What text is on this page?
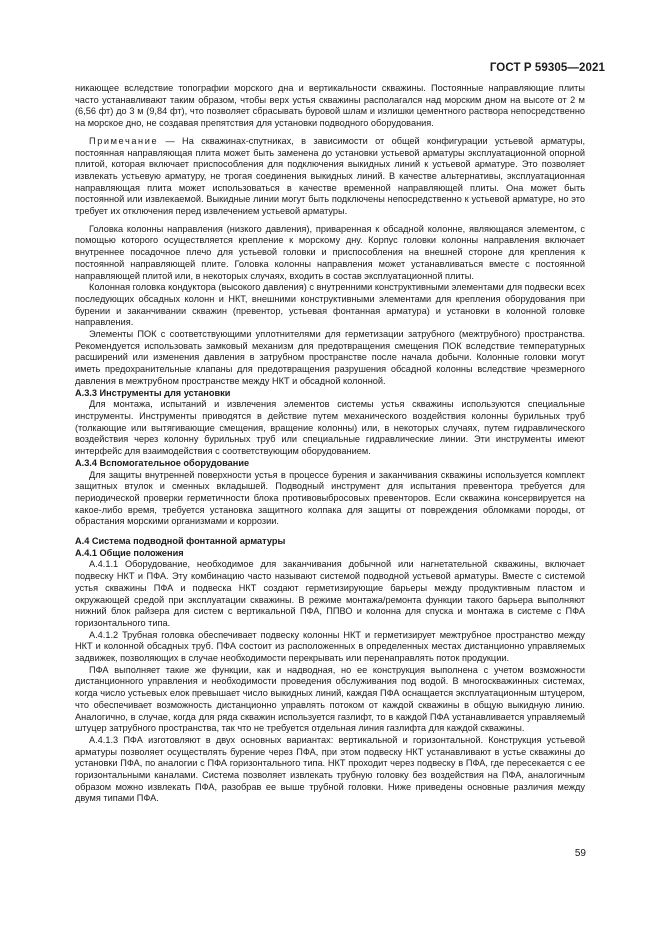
ГОСТ Р 59305—2021

никающее вследствие топографии морского дна и вертикальности скважины. Постоянные направляющие плиты часто устанавливают таким образом, чтобы верх устья скважины располагался над морским дном на высоте от 2 м (6,56 фт) до 3 м (9,84 фт), что позволяет сбрасывать буровой шлам и излишки цементного раствора непосредственно на морское дно, не создавая препятствия для установки подводного оборудования.

Примечание — На скважинах-спутниках, в зависимости от общей конфигурации устьевой арматуры, постоянная направляющая плита может быть заменена до установки устьевой арматуры эксплуатационной опорной плитой, которая включает приспособления для подключения выкидных линий к устьевой арматуре. Это позволяет извлекать устьевую арматуру, не трогая соединения выкидных линий. В качестве альтернативы, эксплуатационная направляющая плита может использоваться в качестве временной направляющей плиты. Она может быть постоянной или извлекаемой. Выкидные линии могут быть подключены непосредственно к устьевой арматуре, но это требует их отключения перед извлечением устьевой арматуры.

Головка колонны направления (низкого давления), приваренная к обсадной колонне, являющаяся элементом, с помощью которого осуществляется крепление к морскому дну. Корпус головки колонны направления включает внутреннее посадочное плечо для устьевой головки и приспособления на внешней стороне для крепления к постоянной направляющей плите. Головка колонны направления может устанавливаться вместе с постоянной направляющей плитой или, в некоторых случаях, входить в состав эксплуатационной плиты.

Колонная головка кондуктора (высокого давления) с внутренними конструктивными элементами для подвески всех последующих обсадных колонн и НКТ, внешними конструктивными элементами для крепления оборудования при бурении и заканчивании скважин (превентор, устьевая фонтанная арматура) и установки в колонной головке направления.

Элементы ПОК с соответствующими уплотнителями для герметизации затрубного (межтрубного) пространства. Рекомендуется использовать замковый механизм для предотвращения смещения ПОК вследствие температурных расширений или изменения давления в затрубном пространстве после начала добычи. Колонные головки могут иметь предохранительные клапаны для предотвращения разрушения обсадной колонны вследствие чрезмерного давления в межтрубном пространстве между НКТ и обсадной колонной.

А.3.3 Инструменты для установки

Для монтажа, испытаний и извлечения элементов системы устья скважины используются специальные инструменты. Инструменты приводятся в действие путем механического воздействия колонны бурильных труб (толкающие или вытягивающие смещения, вращение колонны) или, в некоторых случаях, путем гидравлического воздействия через колонну бурильных труб или специальные гидравлические линии. Эти инструменты имеют интерфейс для взаимодействия с соответствующим оборудованием.

А.3.4 Вспомогательное оборудование

Для защиты внутренней поверхности устья в процессе бурения и заканчивания скважины используется комплект защитных втулок и сменных вкладышей. Подводный инструмент для испытания превентора требуется для периодической проверки герметичности блока противовыбросовых превенторов. Если скважина консервируется на какое-либо время, требуется установка защитного колпака для защиты от повреждения обломками породы, от обрастания морскими организмами и коррозии.

А.4 Система подводной фонтанной арматуры

А.4.1 Общие положения

А.4.1.1 Оборудование, необходимое для заканчивания добычной или нагнетательной скважины, включает подвеску НКТ и ПФА. Эту комбинацию часто называют системой подводной устьевой арматуры. Вместе с системой устья скважины ПФА и подвеска НКТ создают герметизирующие барьеры между продуктивным пластом и окружающей средой при эксплуатации скважины. В режиме монтажа/ремонта функции такого барьера выполняют нижний блок райзера для систем с вертикальной ПФА, ППВО и колонна для спуска и монтажа в системе с ПФА горизонтального типа.

А.4.1.2 Трубная головка обеспечивает подвеску колонны НКТ и герметизирует межтрубное пространство между НКТ и колонной обсадных труб. ПФА состоит из расположенных в определенных местах дистанционно управляемых задвижек, позволяющих в случае необходимости перекрывать или перенаправлять поток продукции.

ПФА выполняет такие же функции, как и надводная, но ее конструкция выполнена с учетом возможности дистанционного управления и необходимости проведения обслуживания под водой. В многоскважинных системах, когда число устьевых елок превышает число выкидных линий, каждая ПФА оснащается эксплуатационным штуцером, что обеспечивает возможность дистанционно управлять потоком от каждой скважины в общую выкидную линию. Аналогично, в случае, когда для ряда скважин используется газлифт, то в каждой ПФА устанавливается управляемый штуцер затрубного пространства, так что не требуется отдельная линия газлифта для каждой скважины.

А.4.1.3 ПФА изготовляют в двух основных вариантах: вертикальной и горизонтальной. Конструкция устьевой арматуры позволяет осуществлять бурение через ПФА, при этом подвеску НКТ устанавливают в устье скважины до установки ПФА, по аналогии с ПФА горизонтального типа. НКТ проходит через подвеску в ПФА, где пересекается с ее горизонтальными каналами. Система позволяет извлекать трубную головку без воздействия на ПФА, аналогичным образом можно извлекать ПФА, разобрав ее выше трубной головки. Ниже приведены основные различия между двумя типами ПФА.

59
